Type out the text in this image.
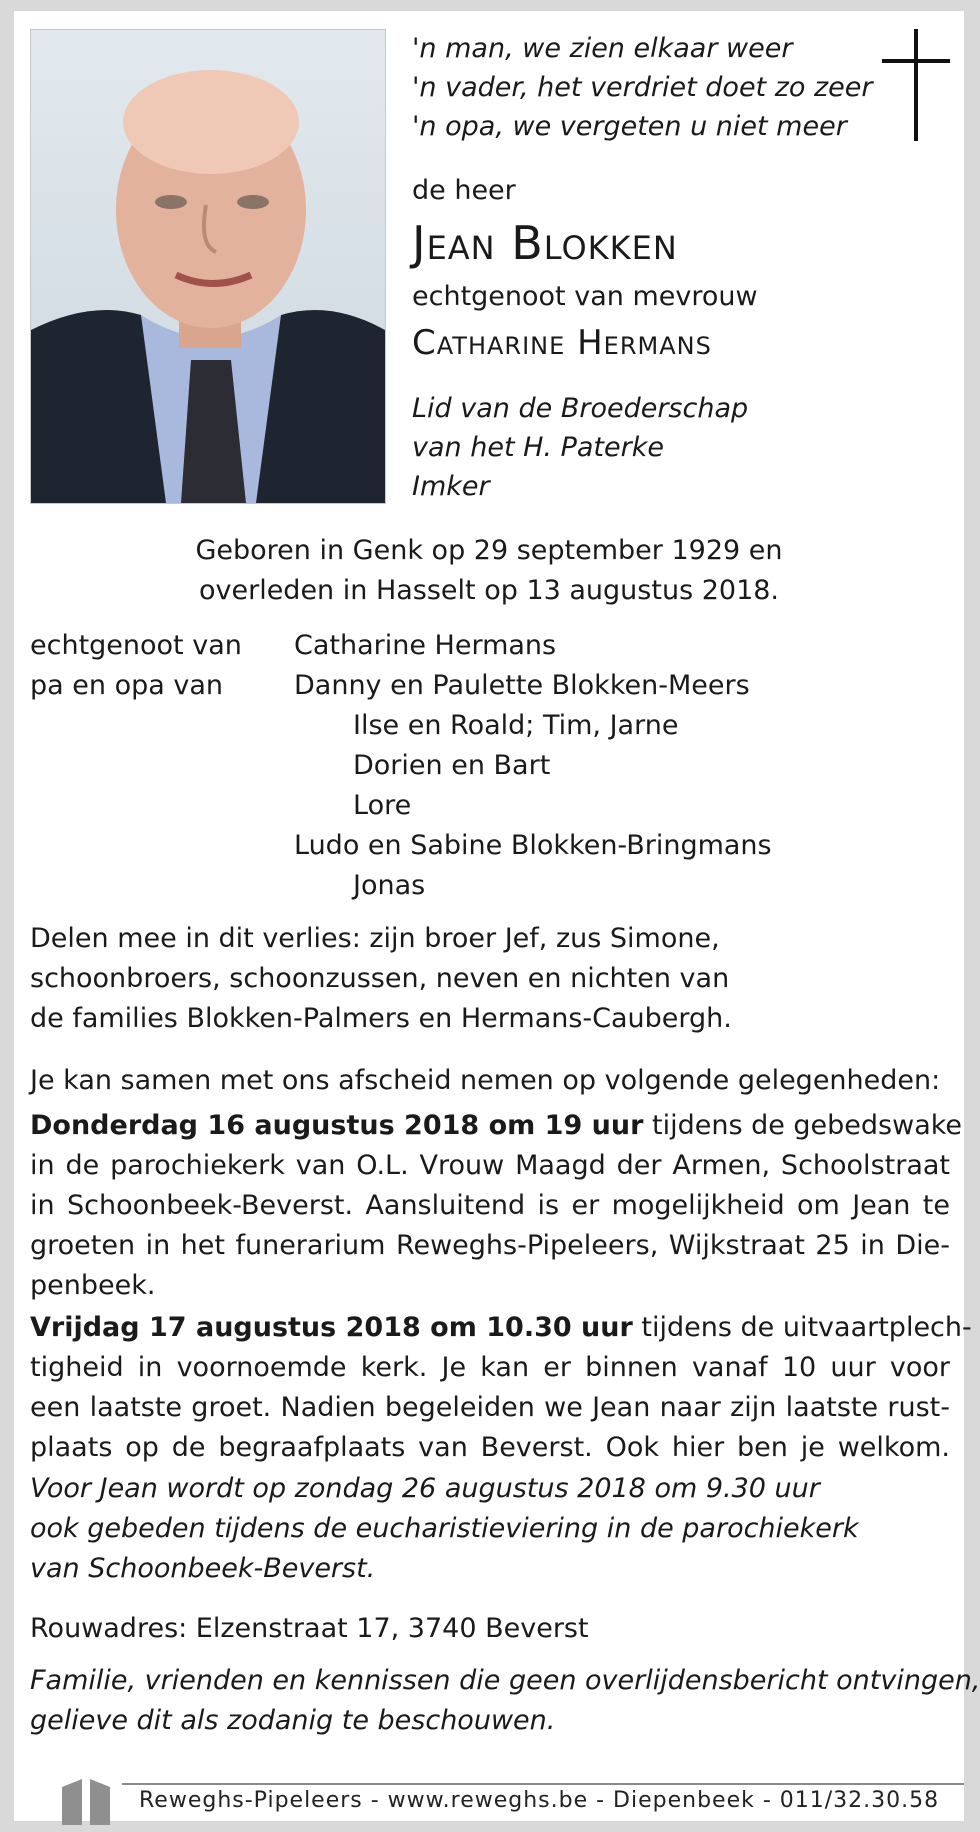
'n man, we zien elkaar weer
'n vader, het verdriet doet zo zeer
'n opa, we vergeten u niet meer
de heer
Jean Blokken
echtgenoot van mevrouw
Catharine Hermans
Lid van de Broederschap
van het H. Paterke
Imker
Geboren in Genk op 29 september 1929 en
overleden in Hasselt op 13 augustus 2018.
echtgenoot van Catharine Hermans
pa en opa van	Danny en Paulette Blokken-Meers
Ilse en Roald; Tim, Jarne
Dorien en Bart
Lore
Ludo en Sabine Blokken-Bringmans
Jonas
Delen mee in dit verlies: zijn broer Jef, zus Simone,
schoonbroers, schoonzussen, neven en nichten van
de families Blokken-Palmers en Hermans-Caubergh.
Je kan samen met ons afscheid nemen op volgende gelegenheden:
Donderdag 16 augustus 2018 om 19 uur tijdens de gebedswake
in de parochiekerk van O.L. Vrouw Maagd der Armen, Schoolstraat
in Schoonbeek-Beverst. Aansluitend is er mogelijkheid om Jean te
groeten in het funerarium Reweghs-Pipeleers, Wijkstraat 25 in Die-
penbeek.
Vrijdag 17 augustus 2018 om 10.30 uur tijdens de uitvaartplech-
tigheid in voornoemde kerk. Je kan er binnen vanaf 10 uur voor
een laatste groet. Nadien begeleiden we Jean naar zijn laatste rust-
plaats op de begraafplaats van Beverst. Ook hier ben je welkom.
Voor Jean wordt op zondag 26 augustus 2018 om 9.30 uur
ook gebeden tijdens de eucharistieviering in de parochiekerk
van Schoonbeek-Beverst.
Rouwadres: Elzenstraat 17, 3740 Beverst
Familie, vrienden en kennissen die geen overlijdensbericht ontvingen,
gelieve dit als zodanig te beschouwen.
Reweghs-Pipeleers - www.reweghs.be - Diepenbeek - 011/32.30.58
